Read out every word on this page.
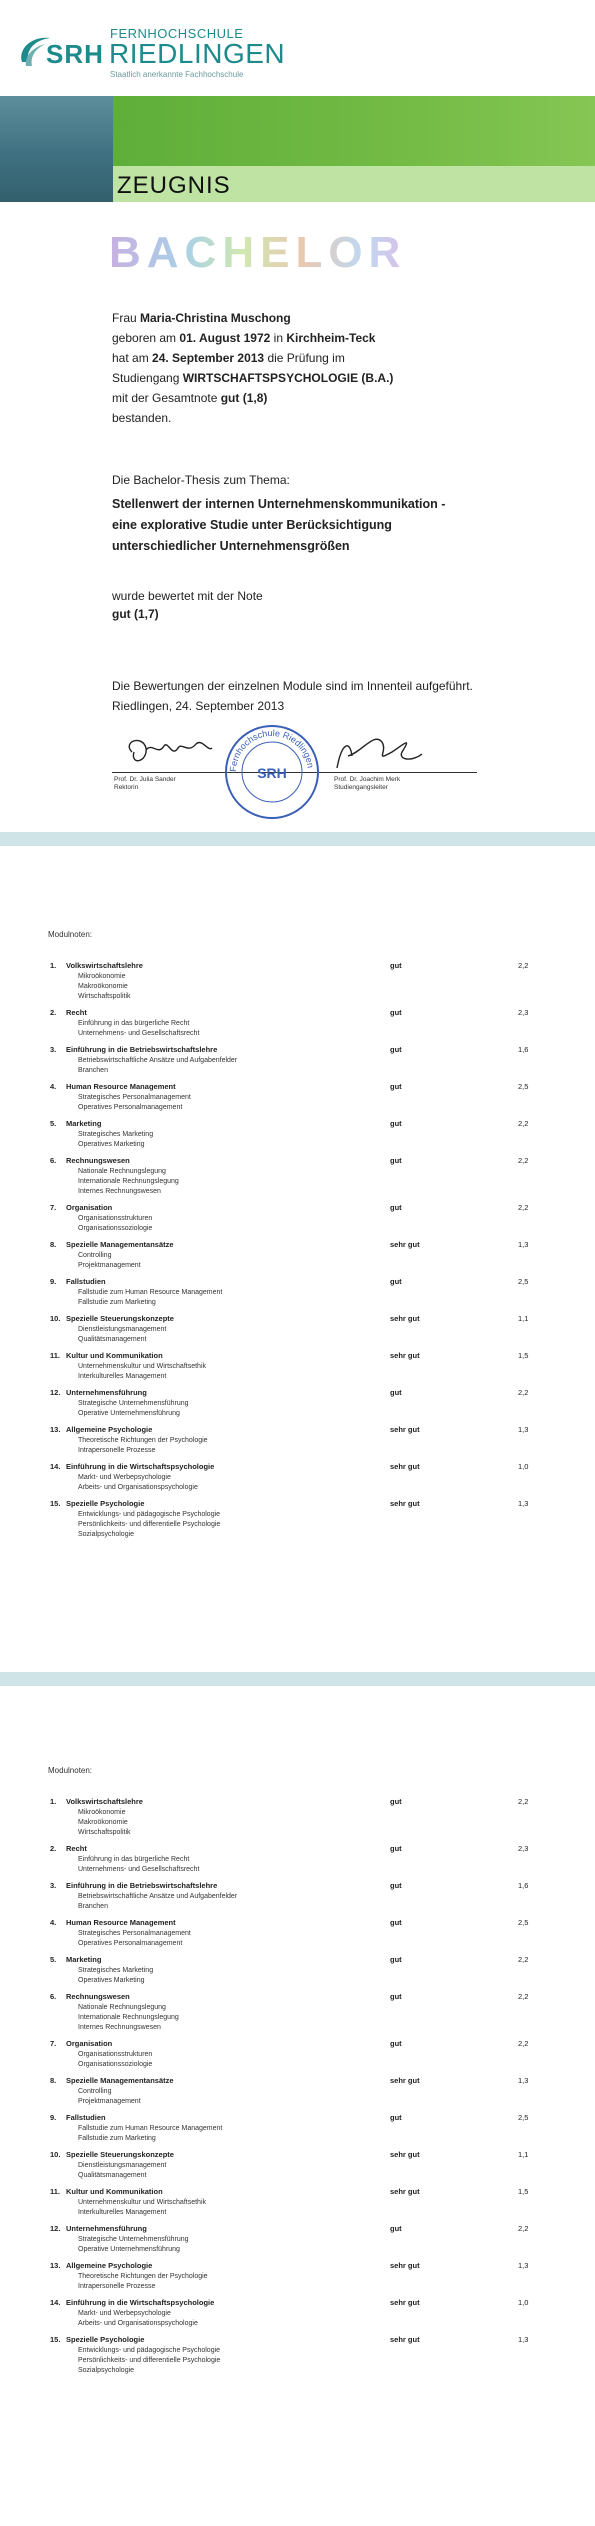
SRH
FERNHOCHSCHULE
RIEDLINGEN
Staatlich anerkannte Fachhochschule
ZEUGNIS
BACHELOR
Frau Maria-Christina Muschong
geboren am 01. August 1972 in Kirchheim-Teck
hat am 24. September 2013 die Prüfung im
Studiengang WIRTSCHAFTSPSYCHOLOGIE (B.A.)
mit der Gesamtnote gut (1,8)
bestanden.
Die Bachelor-Thesis zum Thema:
Stellenwert der internen Unternehmenskommunikation -
eine explorative Studie unter Berücksichtigung
unterschiedlicher Unternehmensgrößen
wurde bewertet mit der Note
gut (1,7)
Die Bewertungen der einzelnen Module sind im Innenteil aufgeführt.
Riedlingen, 24. September 2013
Prof. Dr. Julia Sander
Rektorin
Prof. Dr. Joachim Merk
Studiengangsleiter
Fernhochschule Riedlingen
SRH
Modulnoten:
1.	Volkswirtschaftslehre	gut	2,2
Mikroökonomie
Makroökonomie
Wirtschaftspolitik
2.	Recht	gut	2,3
Einführung in das bürgerliche Recht
Unternehmens- und Gesellschaftsrecht
3.	Einführung in die Betriebswirtschaftslehre	gut	1,6
Betriebswirtschaftliche Ansätze und Aufgabenfelder
Branchen
4.	Human Resource Management	gut	2,5
Strategisches Personalmanagement
Operatives Personalmanagement
5.	Marketing	gut	2,2
Strategisches Marketing
Operatives Marketing
6.	Rechnungswesen	gut	2,2
Nationale Rechnungslegung
Internationale Rechnungslegung
Internes Rechnungswesen
7.	Organisation	gut	2,2
Organisationsstrukturen
Organisationssoziologie
8.	Spezielle Managementansätze	sehr gut	1,3
Controlling
Projektmanagement
9.	Fallstudien	gut	2,5
Fallstudie zum Human Resource Management
Fallstudie zum Marketing
10. Spezielle Steuerungskonzepte	sehr gut	1,1
Dienstleistungsmanagement
Qualitätsmanagement
11. Kultur und Kommunikation	sehr gut	1,5
Unternehmenskultur und Wirtschaftsethik
Interkulturelles Management
12. Unternehmensführung	gut	2,2
Strategische Unternehmensführung
Operative Unternehmensführung
13. Allgemeine Psychologie	sehr gut	1,3
Theoretische Richtungen der Psychologie
Intrapersonelle Prozesse
14. Einführung in die Wirtschaftspsychologie	sehr gut	1,0
Markt- und Werbepsychologie
Arbeits- und Organisationspsychologie
15. Spezielle Psychologie	sehr gut	1,3
Entwicklungs- und pädagogische Psychologie
Persönlichkeits- und differentielle Psychologie
Sozialpsychologie
Modulnoten:
1.	Volkswirtschaftslehre	gut	2,2
Mikroökonomie
Makroökonomie
Wirtschaftspolitik
2.	Recht	gut	2,3
Einführung in das bürgerliche Recht
Unternehmens- und Gesellschaftsrecht
3.	Einführung in die Betriebswirtschaftslehre	gut	1,6
Betriebswirtschaftliche Ansätze und Aufgabenfelder
Branchen
4.	Human Resource Management	gut	2,5
Strategisches Personalmanagement
Operatives Personalmanagement
5.	Marketing	gut	2,2
Strategisches Marketing
Operatives Marketing
6.	Rechnungswesen	gut	2,2
Nationale Rechnungslegung
Internationale Rechnungslegung
Internes Rechnungswesen
7.	Organisation	gut	2,2
Organisationsstrukturen
Organisationssoziologie
8.	Spezielle Managementansätze	sehr gut	1,3
Controlling
Projektmanagement
9.	Fallstudien	gut	2,5
Fallstudie zum Human Resource Management
Fallstudie zum Marketing
10. Spezielle Steuerungskonzepte	sehr gut	1,1
Dienstleistungsmanagement
Qualitätsmanagement
11. Kultur und Kommunikation	sehr gut	1,5
Unternehmenskultur und Wirtschaftsethik
Interkulturelles Management
12. Unternehmensführung	gut	2,2
Strategische Unternehmensführung
Operative Unternehmensführung
13. Allgemeine Psychologie	sehr gut	1,3
Theoretische Richtungen der Psychologie
Intrapersonelle Prozesse
14. Einführung in die Wirtschaftspsychologie	sehr gut	1,0
Markt- und Werbepsychologie
Arbeits- und Organisationspsychologie
15. Spezielle Psychologie	sehr gut	1,3
Entwicklungs- und pädagogische Psychologie
Persönlichkeits- und differentielle Psychologie
Sozialpsychologie
